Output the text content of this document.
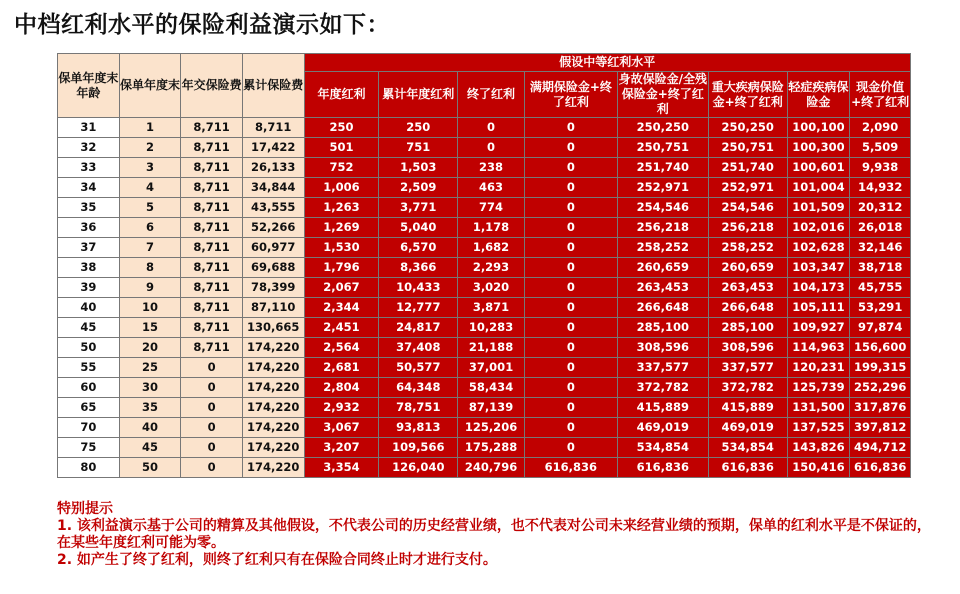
中档红利水平的保险利益演示如下：
保单年度末年龄	保单年度末	年交保险费	累计保险费	假设中等红利水平							
				年度红利	累计年度红利	终了红利	满期保险金+终了红利	身故保险金/全残保险金+终了红利	重大疾病保险金+终了红利	轻症疾病保险金	现金价值+终了红利
31	1	8,711	8,711	250	250	0	0	250,250	250,250	100,100	2,090
32	2	8,711	17,422	501	751	0	0	250,751	250,751	100,300	5,509
33	3	8,711	26,133	752	1,503	238	0	251,740	251,740	100,601	9,938
34	4	8,711	34,844	1,006	2,509	463	0	252,971	252,971	101,004	14,932
35	5	8,711	43,555	1,263	3,771	774	0	254,546	254,546	101,509	20,312
36	6	8,711	52,266	1,269	5,040	1,178	0	256,218	256,218	102,016	26,018
37	7	8,711	60,977	1,530	6,570	1,682	0	258,252	258,252	102,628	32,146
38	8	8,711	69,688	1,796	8,366	2,293	0	260,659	260,659	103,347	38,718
39	9	8,711	78,399	2,067	10,433	3,020	0	263,453	263,453	104,173	45,755
40	10	8,711	87,110	2,344	12,777	3,871	0	266,648	266,648	105,111	53,291
45	15	8,711	130,665	2,451	24,817	10,283	0	285,100	285,100	109,927	97,874
50	20	8,711	174,220	2,564	37,408	21,188	0	308,596	308,596	114,963	156,600
55	25	0	174,220	2,681	50,577	37,001	0	337,577	337,577	120,231	199,315
60	30	0	174,220	2,804	64,348	58,434	0	372,782	372,782	125,739	252,296
65	35	0	174,220	2,932	78,751	87,139	0	415,889	415,889	131,500	317,876
70	40	0	174,220	3,067	93,813	125,206	0	469,019	469,019	137,525	397,812
75	45	0	174,220	3,207	109,566	175,288	0	534,854	534,854	143,826	494,712
80	50	0	174,220	3,354	126,040	240,796	616,836	616,836	616,836	150,416	616,836

特别提示

1. 该利益演示基于公司的精算及其他假设，不代表公司的历史经营业绩，也不代表对公司未来经营业绩的预期，保单的红利水平是不保证的，在某些年度红利可能为零。

2. 如产生了终了红利，则终了红利只有在保险合同终止时才进行支付。
